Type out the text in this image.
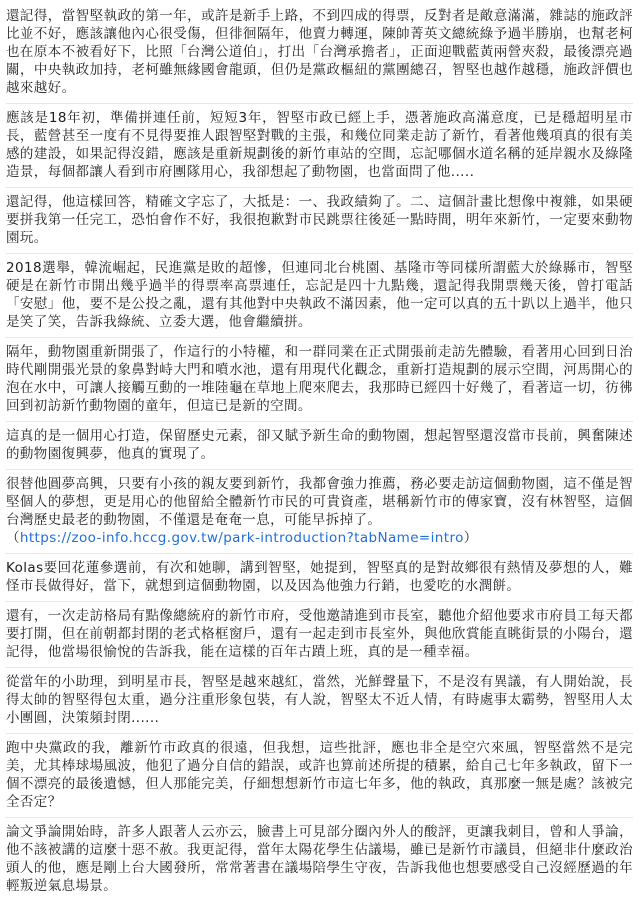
還記得，當智堅執政的第一年，或許是新手上路，不到四成的得票，反對者是敵意滿滿，雜誌的施政評比並不好，應該讓他內心很受傷，但徘徊隔年，他賣力轉運，陳帥菁英文總統綠予過半勝崩，也幫老柯也在原本不被看好下，比照「台灣公道伯」，打出「台灣承擔者」，正面迎戰藍黃兩營夾殺，最後漂亮過關，中央執政加持，老柯雖無緣國會龍頭，但仍是黨政樞紐的黨團總召，智堅也越作越穩，施政評價也越來越好。

應該是18年初，準備拼連任前，短短3年，智堅市政已經上手，憑著施政高滿意度，已是穩超明星市長，藍營甚至一度有不見得要推人跟智堅對戰的主張，和幾位同業走訪了新竹，看著他幾項真的很有美感的建設，如果記得沒錯，應該是重新規劃後的新竹車站的空間，忘記哪個水道名稱的延岸親水及綠隆造景，每個都讓人看到市府團隊用心，我卻想起了動物園，也當面問了他.....

還記得，他這樣回答，精確文字忘了，大抵是：一、我政績夠了。二、這個計畫比想像中複雜，如果硬要拼我第一任完工，恐怕會作不好，我很抱歉對市民跳票往後延一點時間，明年來新竹，一定要來動物園玩。

2018選舉，韓流崛起，民進黨是敗的超慘，但連同北台桃園、基隆市等同樣所謂藍大於綠縣市，智堅硬是在新竹市開出幾乎過半的得票率高票連任，忘記是四十九點幾，還記得我開票幾天後，曾打電話「安慰」他，要不是公投之亂，還有其他對中央執政不滿因素，他一定可以真的五十趴以上過半，他只是笑了笑，告訴我綠統、立委大選，他會繼續拼。

隔年，動物園重新開張了，作這行的小特權，和一群同業在正式開張前走訪先體驗，看著用心回到日治時代剛開張光景的象鼻對峙大門和噴水池，還有用現代化觀念，重新打造規劃的展示空間，河馬開心的泡在水中，可讓人接觸互動的一堆陸龜在草地上爬來爬去，我那時已經四十好幾了，看著這一切，彷彿回到初訪新竹動物園的童年，但這已是新的空間。

這真的是一個用心打造，保留歷史元素，卻又賦予新生命的動物園，想起智堅還沒當市長前，興奮陳述的動物園復興夢，他真的實現了。

很替他圓夢高興，只要有小孩的親友要到新竹，我都會強力推薦，務必要走訪這個動物園，這不僅是智堅個人的夢想，更是用心的他留給全體新竹市民的可貴資產，堪稱新竹市的傳家寶，沒有林智堅，這個台灣歷史最老的動物園，不僅還是奄奄一息，可能早拆掉了。
（https://zoo-info.hccg.gov.tw/park-introduction?tabName=intro）

Kolas要回花蓮參選前，有次和她聊，講到智堅，她提到，智堅真的是對故鄉很有熱情及夢想的人，難怪市長做得好，當下，就想到這個動物園，以及因為他強力行銷，也愛吃的水潤餅。

還有，一次走訪格局有點像總統府的新竹市府，受他邀請進到市長室，聽他介紹他要求市府員工每天都要打開，但在前朝都封閉的老式格框窗戶，還有一起走到市長室外，與他欣賞能直眺街景的小陽台，還記得，他當場很愉悅的告訴我，能在這樣的百年古蹟上班，真的是一種幸福。

從當年的小助理，到明星市長，智堅是越來越紅，當然，光鮮聲量下，不是沒有異議，有人開始說，長得太帥的智堅得包太重，過分注重形象包裝，有人說，智堅太不近人情，有時處事太霸勢，智堅用人太小團圓，決策頻封閉......

跑中央黨政的我，離新竹市政真的很遠，但我想，這些批評，應也非全是空穴來風，智堅當然不是完美，尤其棒球場風波，他犯了過分自信的錯誤，或許也算前述所提的積累，給自己七年多執政，留下一個不漂亮的最後遺憾，但人那能完美，仔細想想新竹市這七年多，他的執政，真那麼一無是處？該被完全否定？

論文爭論開始時，許多人跟著人云亦云，臉書上可見部分圈內外人的酸評，更讓我刺目，曾和人爭論，他不該被講的這麼十惡不赦。我更記得，當年太陽花學生佔議場，雖已是新竹市議員，但絕非什麼政治頭人的他，應是剛上台大國發所，常常著書在議場陪學生守夜，告訴我他也想要感受自己沒經歷過的年輕叛逆氣息場景。
